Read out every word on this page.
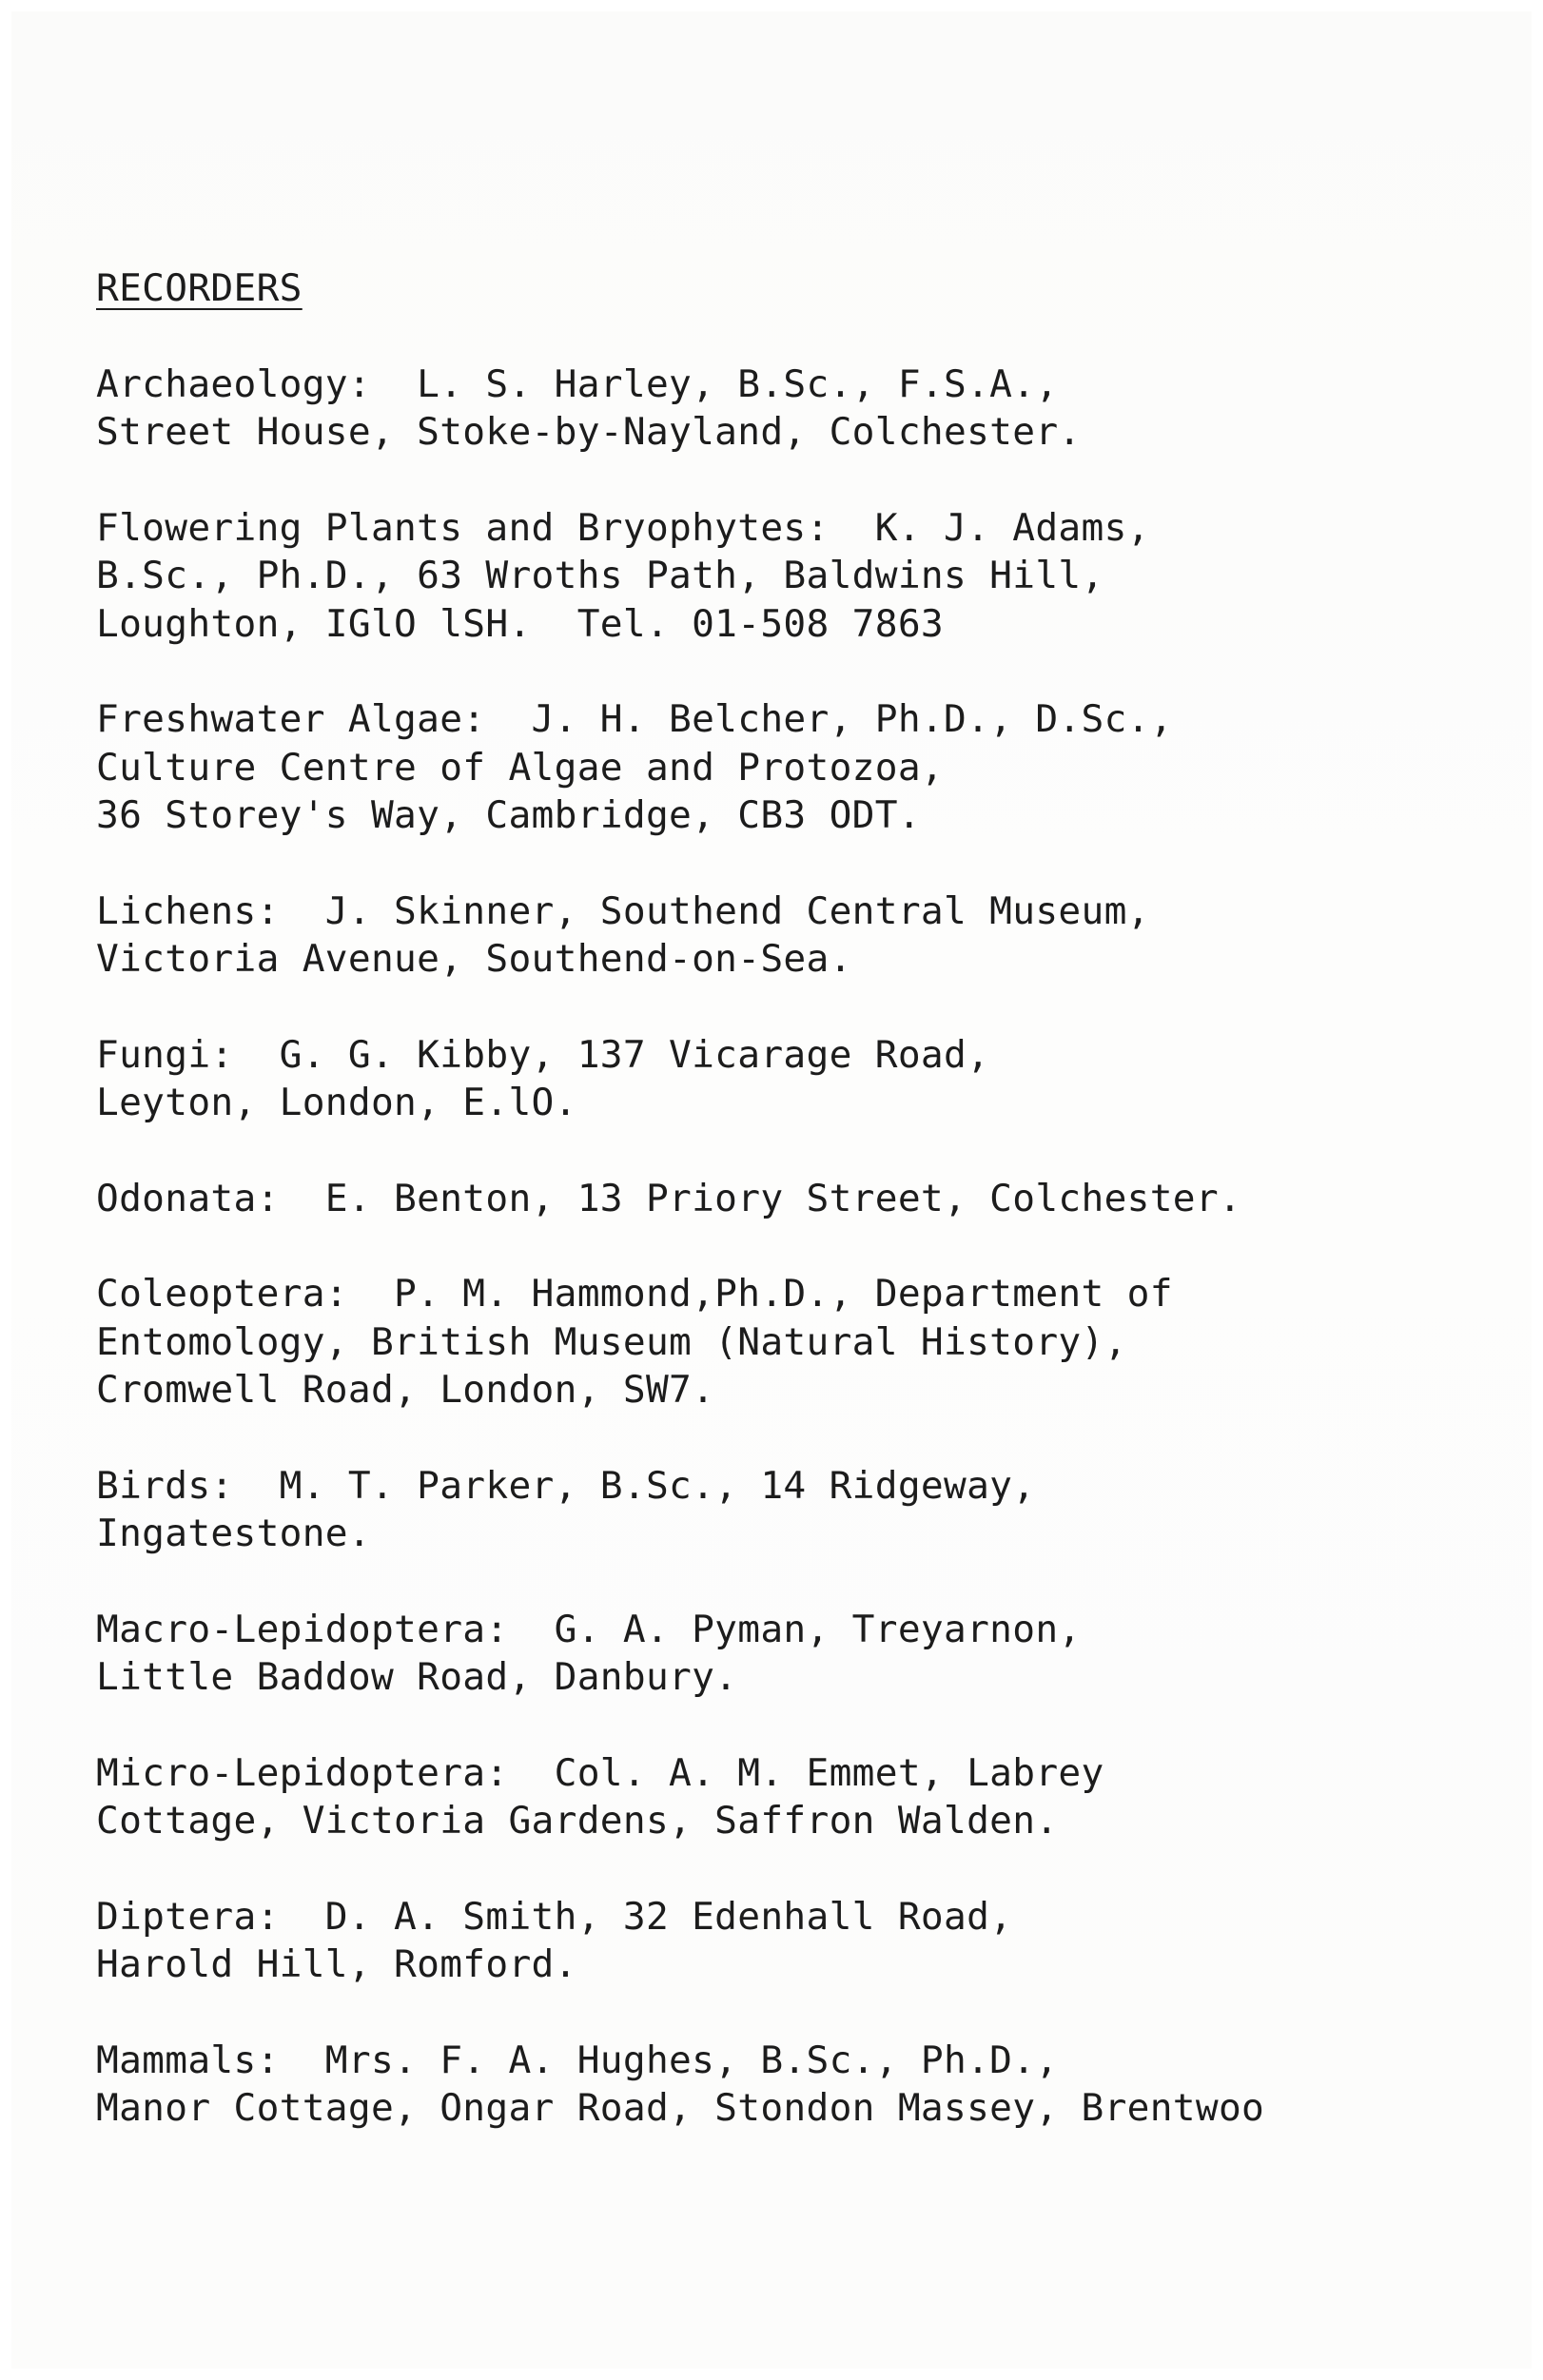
RECORDERS
Archaeology:  L. S. Harley, B.Sc., F.S.A.,
Street House, Stoke-by-Nayland, Colchester.
Flowering Plants and Bryophytes:  K. J. Adams,
B.Sc., Ph.D., 63 Wroths Path, Baldwins Hill,
Loughton, IGlO lSH.  Tel. 01-508 7863
Freshwater Algae:  J. H. Belcher, Ph.D., D.Sc.,
Culture Centre of Algae and Protozoa,
36 Storey's Way, Cambridge, CB3 ODT.
Lichens:  J. Skinner, Southend Central Museum,
Victoria Avenue, Southend-on-Sea.
Fungi:  G. G. Kibby, 137 Vicarage Road,
Leyton, London, E.lO.
Odonata:  E. Benton, 13 Priory Street, Colchester.
Coleoptera:  P. M. Hammond,Ph.D., Department of
Entomology, British Museum (Natural History),
Cromwell Road, London, SW7.
Birds:  M. T. Parker, B.Sc., 14 Ridgeway,
Ingatestone.
Macro-Lepidoptera:  G. A. Pyman, Treyarnon,
Little Baddow Road, Danbury.
Micro-Lepidoptera:  Col. A. M. Emmet, Labrey
Cottage, Victoria Gardens, Saffron Walden.
Diptera:  D. A. Smith, 32 Edenhall Road,
Harold Hill, Romford.
Mammals:  Mrs. F. A. Hughes, B.Sc., Ph.D.,
Manor Cottage, Ongar Road, Stondon Massey, Brentwoo
